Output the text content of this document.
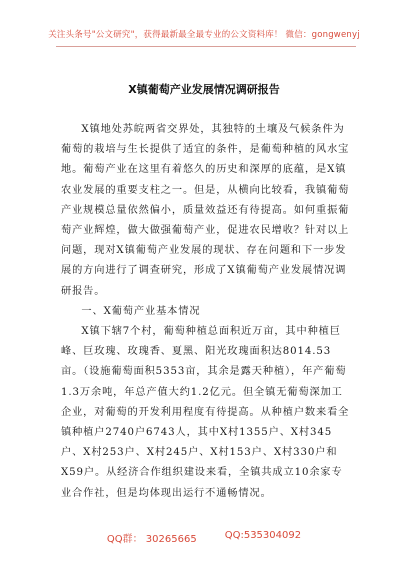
关注头条号"公文研究"，获得最新最全最专业的公文资料库！ 微信：gongwenyj
X镇葡萄产业发展情况调研报告

X镇地处苏皖两省交界处，其独特的土壤及气候条件为葡萄的栽培与生长提供了适宜的条件，是葡萄种植的风水宝地。葡萄产业在这里有着悠久的历史和深厚的底蕴，是X镇农业发展的重要支柱之一。但是，从横向比较看，我镇葡萄产业规模总量依然偏小，质量效益还有待提高。如何重振葡萄产业辉煌，做大做强葡萄产业，促进农民增收？针对以上问题，现对X镇葡萄产业发展的现状、存在问题和下一步发展的方向进行了调查研究，形成了X镇葡萄产业发展情况调研报告。

一、X葡萄产业基本情况

X镇下辖7个村，葡萄种植总面积近万亩，其中种植巨峰、巨玫瑰、玫瑰香、夏黑、阳光玫瑰面积达8014.53亩。（设施葡萄面积5353亩，其余是露天种植），年产葡萄1.3万余吨，年总产值大约1.2亿元。但全镇无葡萄深加工企业，对葡萄的开发利用程度有待提高。从种植户数来看全镇种植户2740户6743人，其中X村1355户、X村345户、X村253户、X村245户、X村153户、X村330户和X59户。从经济合作组织建设来看，全镇共成立10余家专业合作社，但是均体现出运行不通畅情况。

QQ群： 30265665	QQ:535304092
